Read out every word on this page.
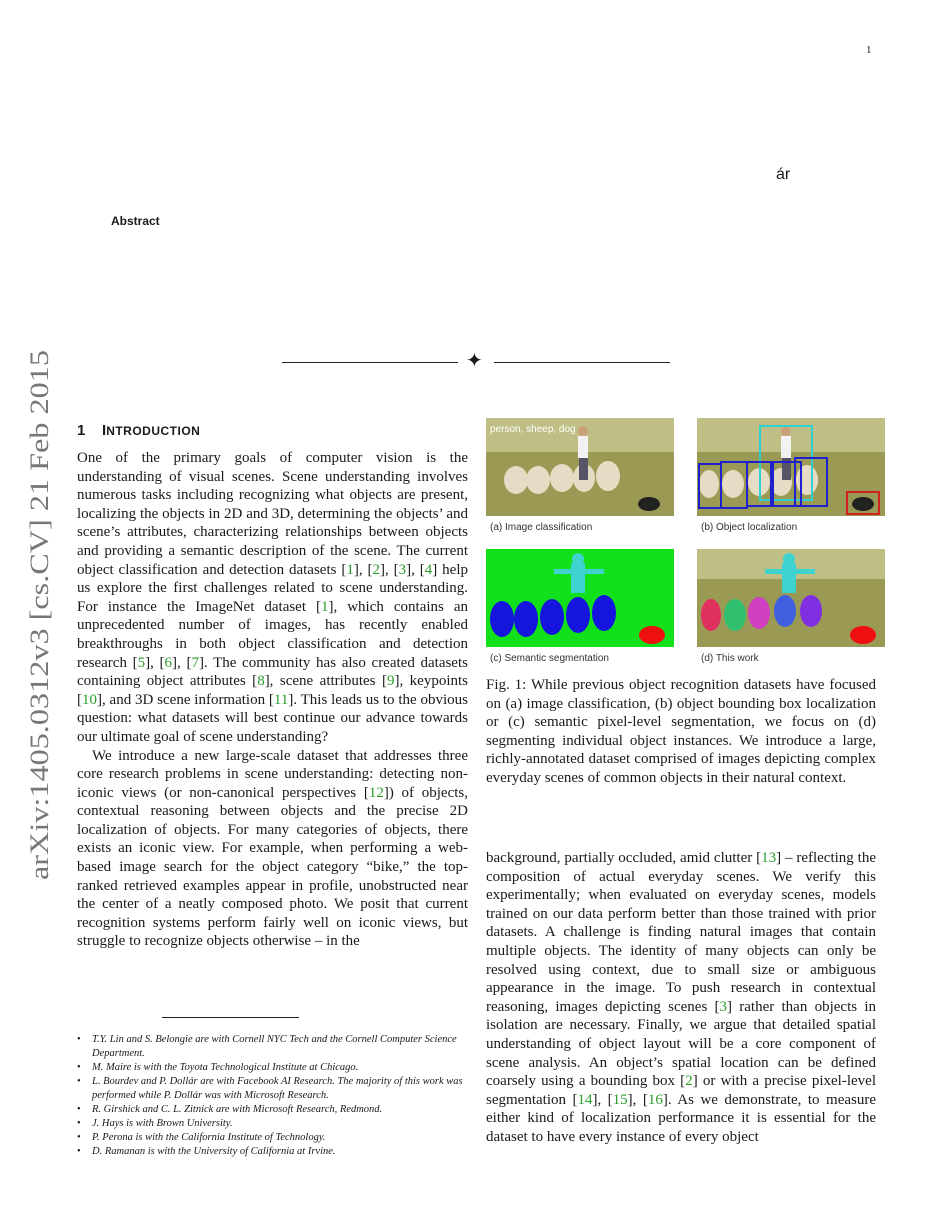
1
ár
Abstract
✦
arXiv:1405.0312v3 [cs.CV] 21 Feb 2015
1 INTRODUCTION

One of the primary goals of computer vision is the understanding of visual scenes. Scene understanding involves numerous tasks including recognizing what objects are present, localizing the objects in 2D and 3D, determining the objects’ and scene’s attributes, characterizing relationships between objects and providing a semantic description of the scene. The current object classification and detection datasets [1], [2], [3], [4] help us explore the first challenges related to scene understanding. For instance the ImageNet dataset [1], which contains an unprecedented number of images, has recently enabled breakthroughs in both object classification and detection research [5], [6], [7]. The community has also created datasets containing object attributes [8], scene attributes [9], keypoints [10], and 3D scene information [11]. This leads us to the obvious question: what datasets will best continue our advance towards our ultimate goal of scene understanding?

We introduce a new large-scale dataset that addresses three core research problems in scene understanding: detecting non-iconic views (or non-canonical perspectives [12]) of objects, contextual reasoning between objects and the precise 2D localization of objects. For many categories of objects, there exists an iconic view. For example, when performing a web-based image search for the object category “bike,” the top-ranked retrieved examples appear in profile, unobstructed near the center of a neatly composed photo. We posit that current recognition systems perform fairly well on iconic views, but struggle to recognize objects otherwise – in the

• T.Y. Lin and S. Belongie are with Cornell NYC Tech and the Cornell Computer Science Department.
• M. Maire is with the Toyota Technological Institute at Chicago.
• L. Bourdev and P. Dollár are with Facebook AI Research. The majority of this work was performed while P. Dollár was with Microsoft Research.
• R. Girshick and C. L. Zitnick are with Microsoft Research, Redmond.
• J. Hays is with Brown University.
• P. Perona is with the California Institute of Technology.
• D. Ramanan is with the University of California at Irvine.
person, sheep, dog
(a) Image classification	(b) Object localization
(c) Semantic segmentation	(d) This work

Fig. 1: While previous object recognition datasets have focused on (a) image classification, (b) object bounding box localization or (c) semantic pixel-level segmentation, we focus on (d) segmenting individual object instances. We introduce a large, richly-annotated dataset comprised of images depicting complex everyday scenes of common objects in their natural context.

background, partially occluded, amid clutter [13] – reflecting the composition of actual everyday scenes. We verify this experimentally; when evaluated on everyday scenes, models trained on our data perform better than those trained with prior datasets. A challenge is finding natural images that contain multiple objects. The identity of many objects can only be resolved using context, due to small size or ambiguous appearance in the image. To push research in contextual reasoning, images depicting scenes [3] rather than objects in isolation are necessary. Finally, we argue that detailed spatial understanding of object layout will be a core component of scene analysis. An object’s spatial location can be defined coarsely using a bounding box [2] or with a precise pixel-level segmentation [14], [15], [16]. As we demonstrate, to measure either kind of localization performance it is essential for the dataset to have every instance of every object
